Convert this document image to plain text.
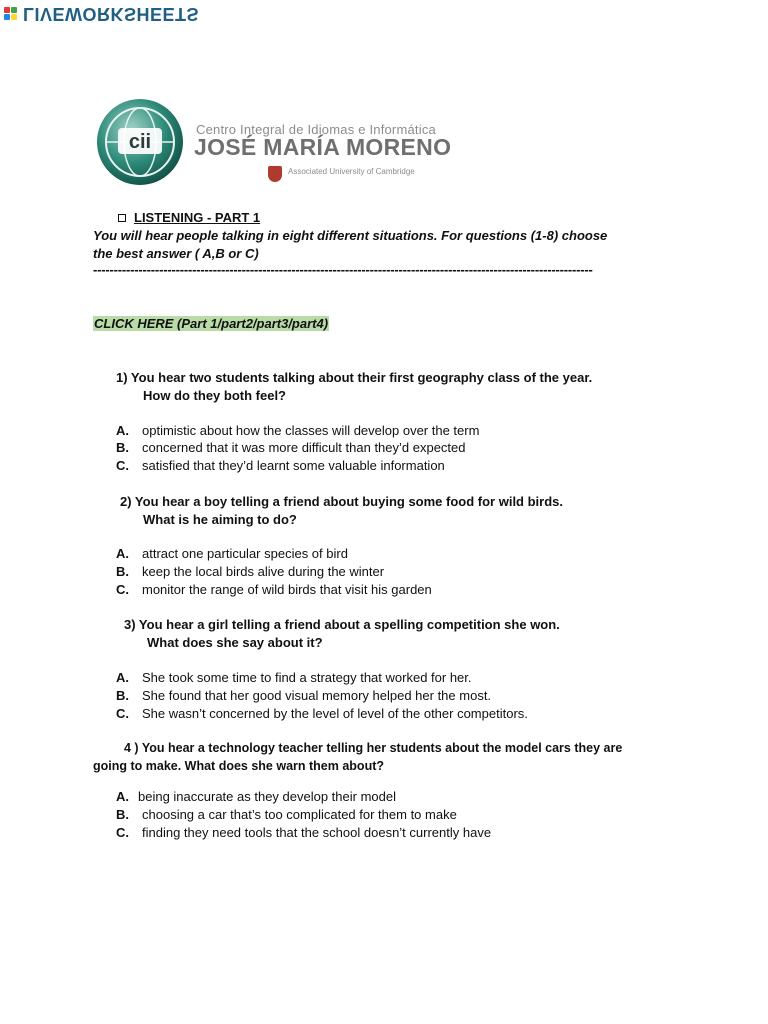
LIVEWORKSHEETS
cii
Centro Integral de Idiomas e Informática
JOSÉ MARÍA MORENO
Associated University of Cambridge
LISTENING - PART 1
You will hear people talking in eight different situations. For questions (1-8) choose
the best answer ( A,B or C)
-------------------------------------------------------------------------------------------------------------------------
CLICK HERE (Part 1/part2/part3/part4)
1) You hear two students talking about their first geography class of the year.
How do they both feel?
A.	optimistic about how the classes will develop over the term
B.	concerned that it was more difficult than they’d expected
C.	satisfied that they’d learnt some valuable information
2) You hear a boy telling a friend about buying some food for wild birds.
What is he aiming to do?
A.	attract one particular species of bird
B.	keep the local birds alive during the winter
C.	monitor the range of wild birds that visit his garden
3) You hear a girl telling a friend about a spelling competition she won.
What does she say about it?
A.	She took some time to find a strategy that worked for her.
B.	She found that her good visual memory helped her the most.
C.	She wasn’t concerned by the level of level of the other competitors.
4 ) You hear a technology teacher telling her students about the model cars they are
going to make. What does she warn them about?
A. being inaccurate as they develop their model
B.	choosing a car that’s too complicated for them to make
C.	finding they need tools that the school doesn’t currently have
